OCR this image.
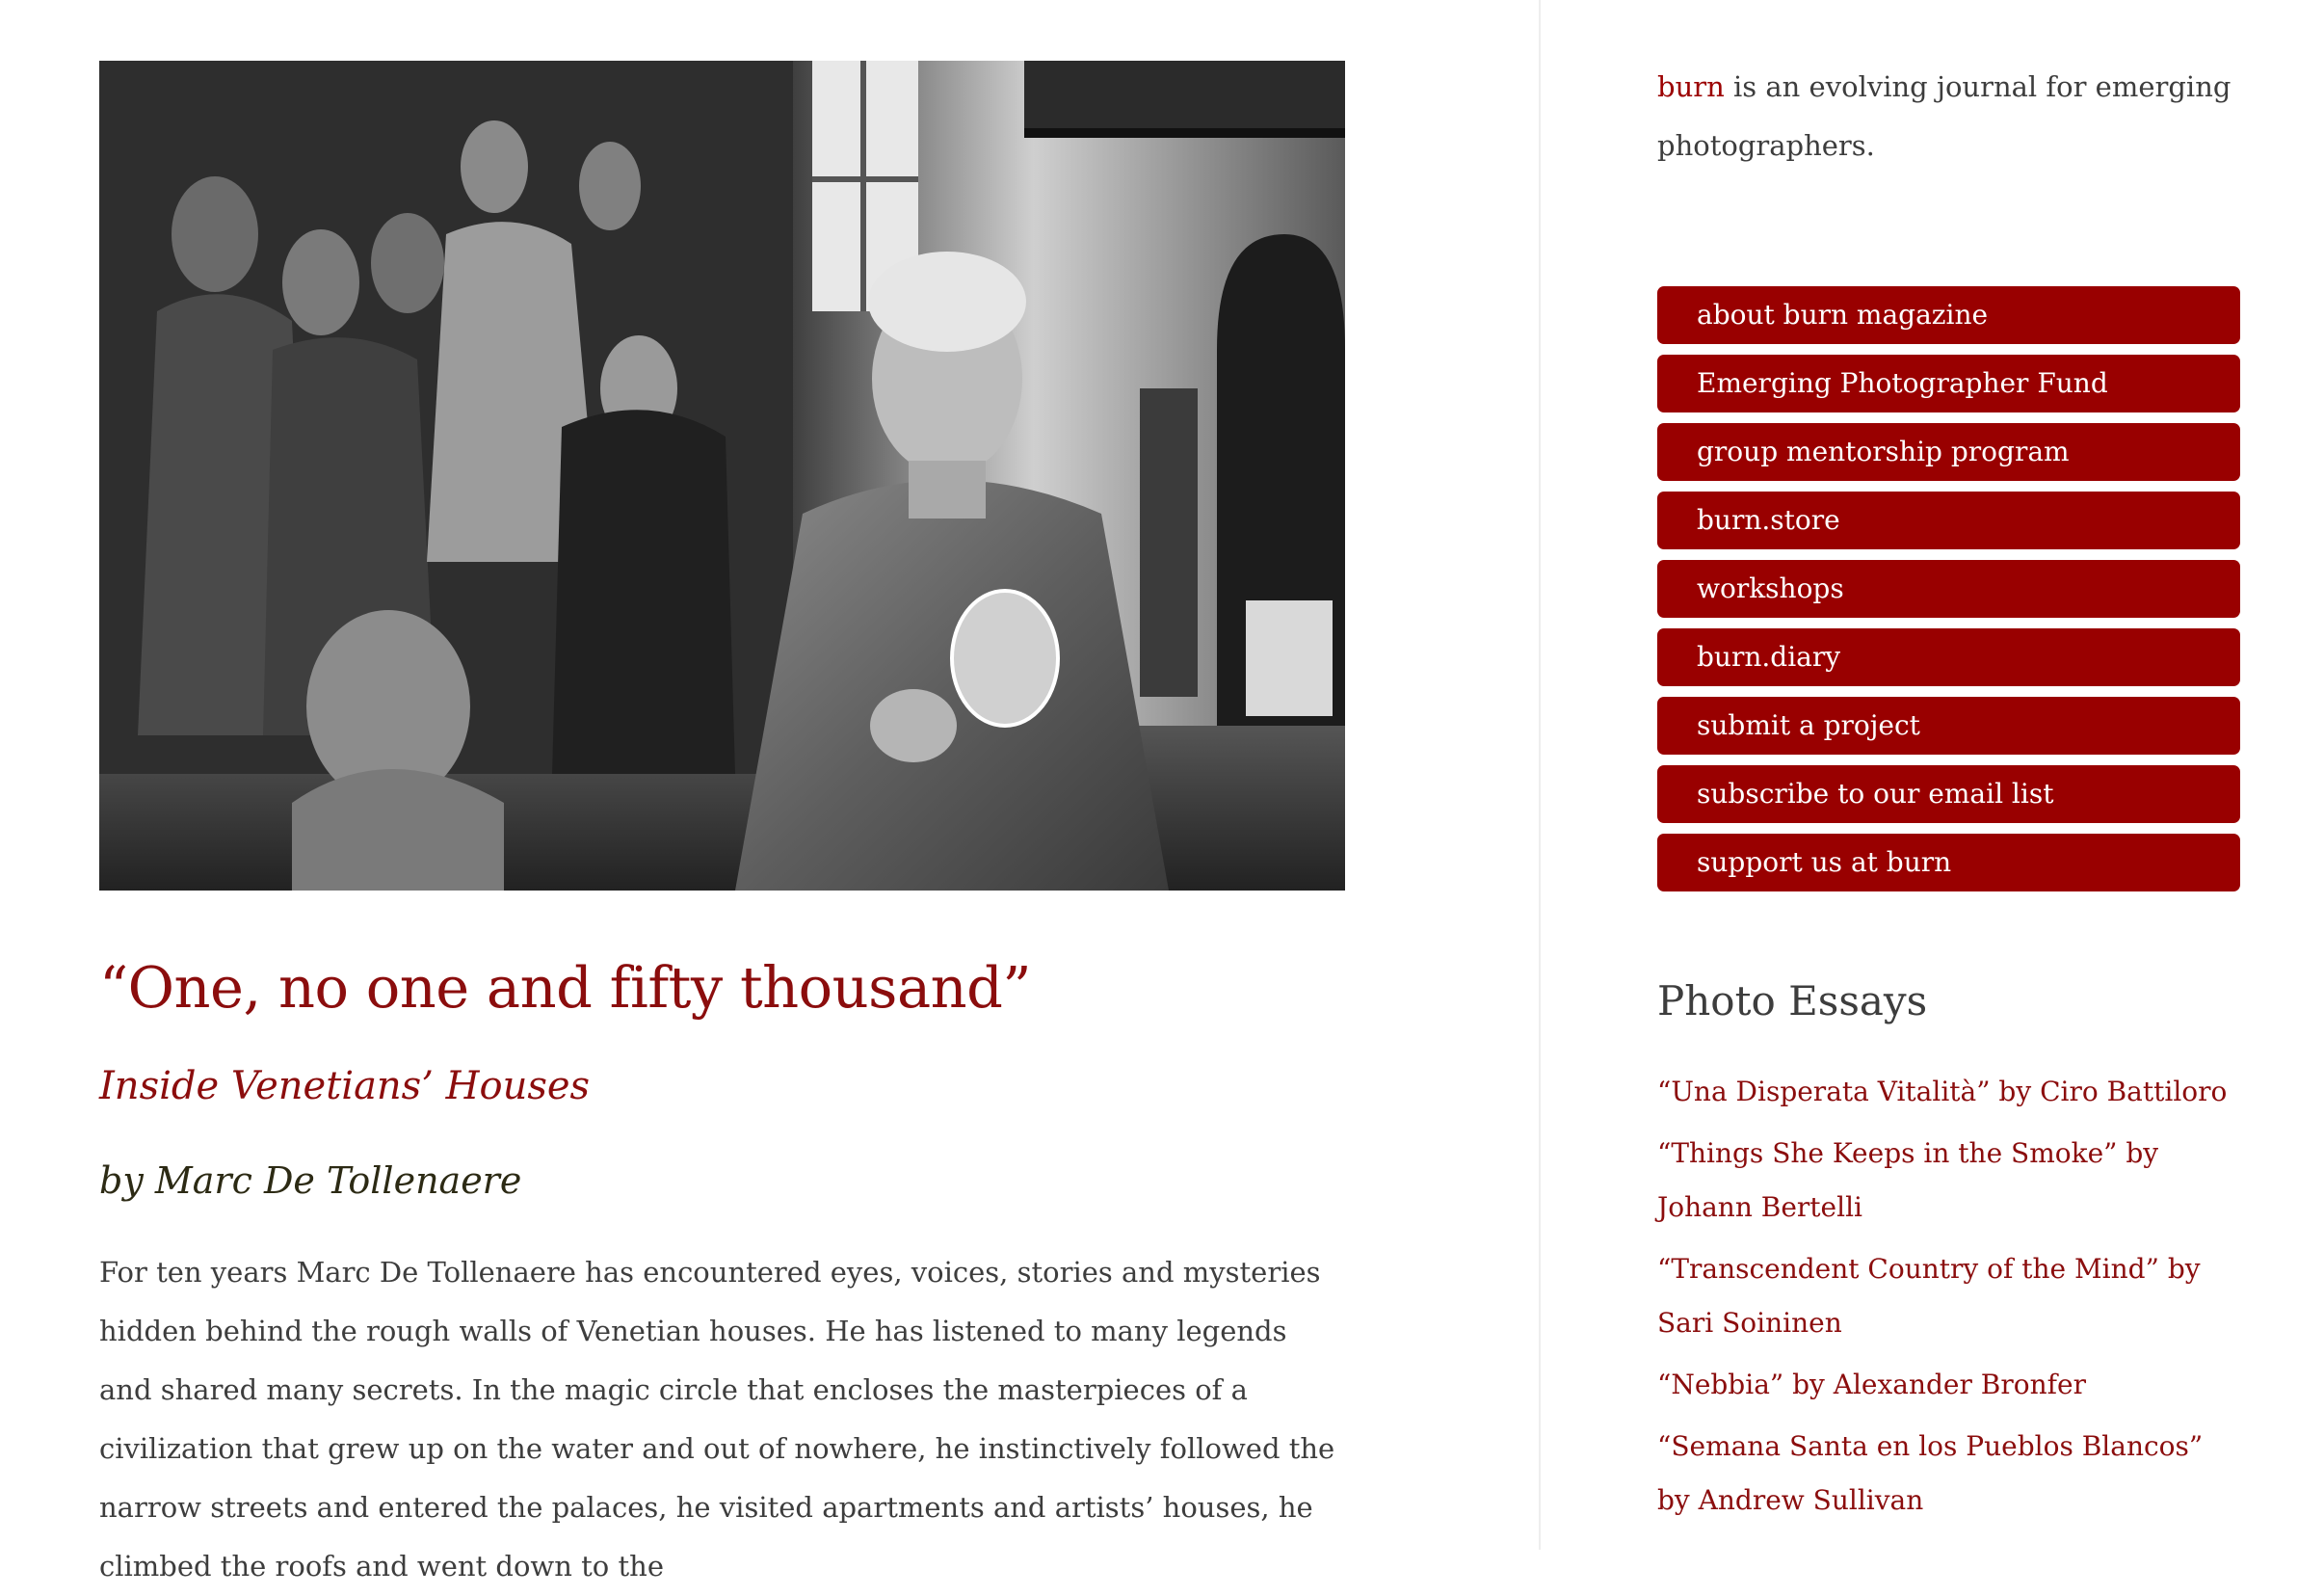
“One, no one and fifty thousand”
Inside Venetians’ Houses
by Marc De Tollenaere

For ten years Marc De Tollenaere has encountered eyes, voices, stories and mysteries hidden behind the rough walls of Venetian houses. He has listened to many legends and shared many secrets. In the magic circle that encloses the masterpieces of a civilization that grew up on the water and out of nowhere, he instinctively followed the narrow streets and entered the palaces, he visited apartments and artists’ houses, he climbed the roofs and went down to the

burn is an evolving journal for emerging photographers.
about burn magazine
Emerging Photographer Fund
group mentorship program
burn.store
workshops
burn.diary
submit a project
subscribe to our email list
support us at burn
Photo Essays
“Una Disperata Vitalità” by Ciro Battiloro
“Things She Keeps in the Smoke” by Johann Bertelli
“Transcendent Country of the Mind” by Sari Soininen
“Nebbia” by Alexander Bronfer
“Semana Santa en los Pueblos Blancos” by Andrew Sullivan
